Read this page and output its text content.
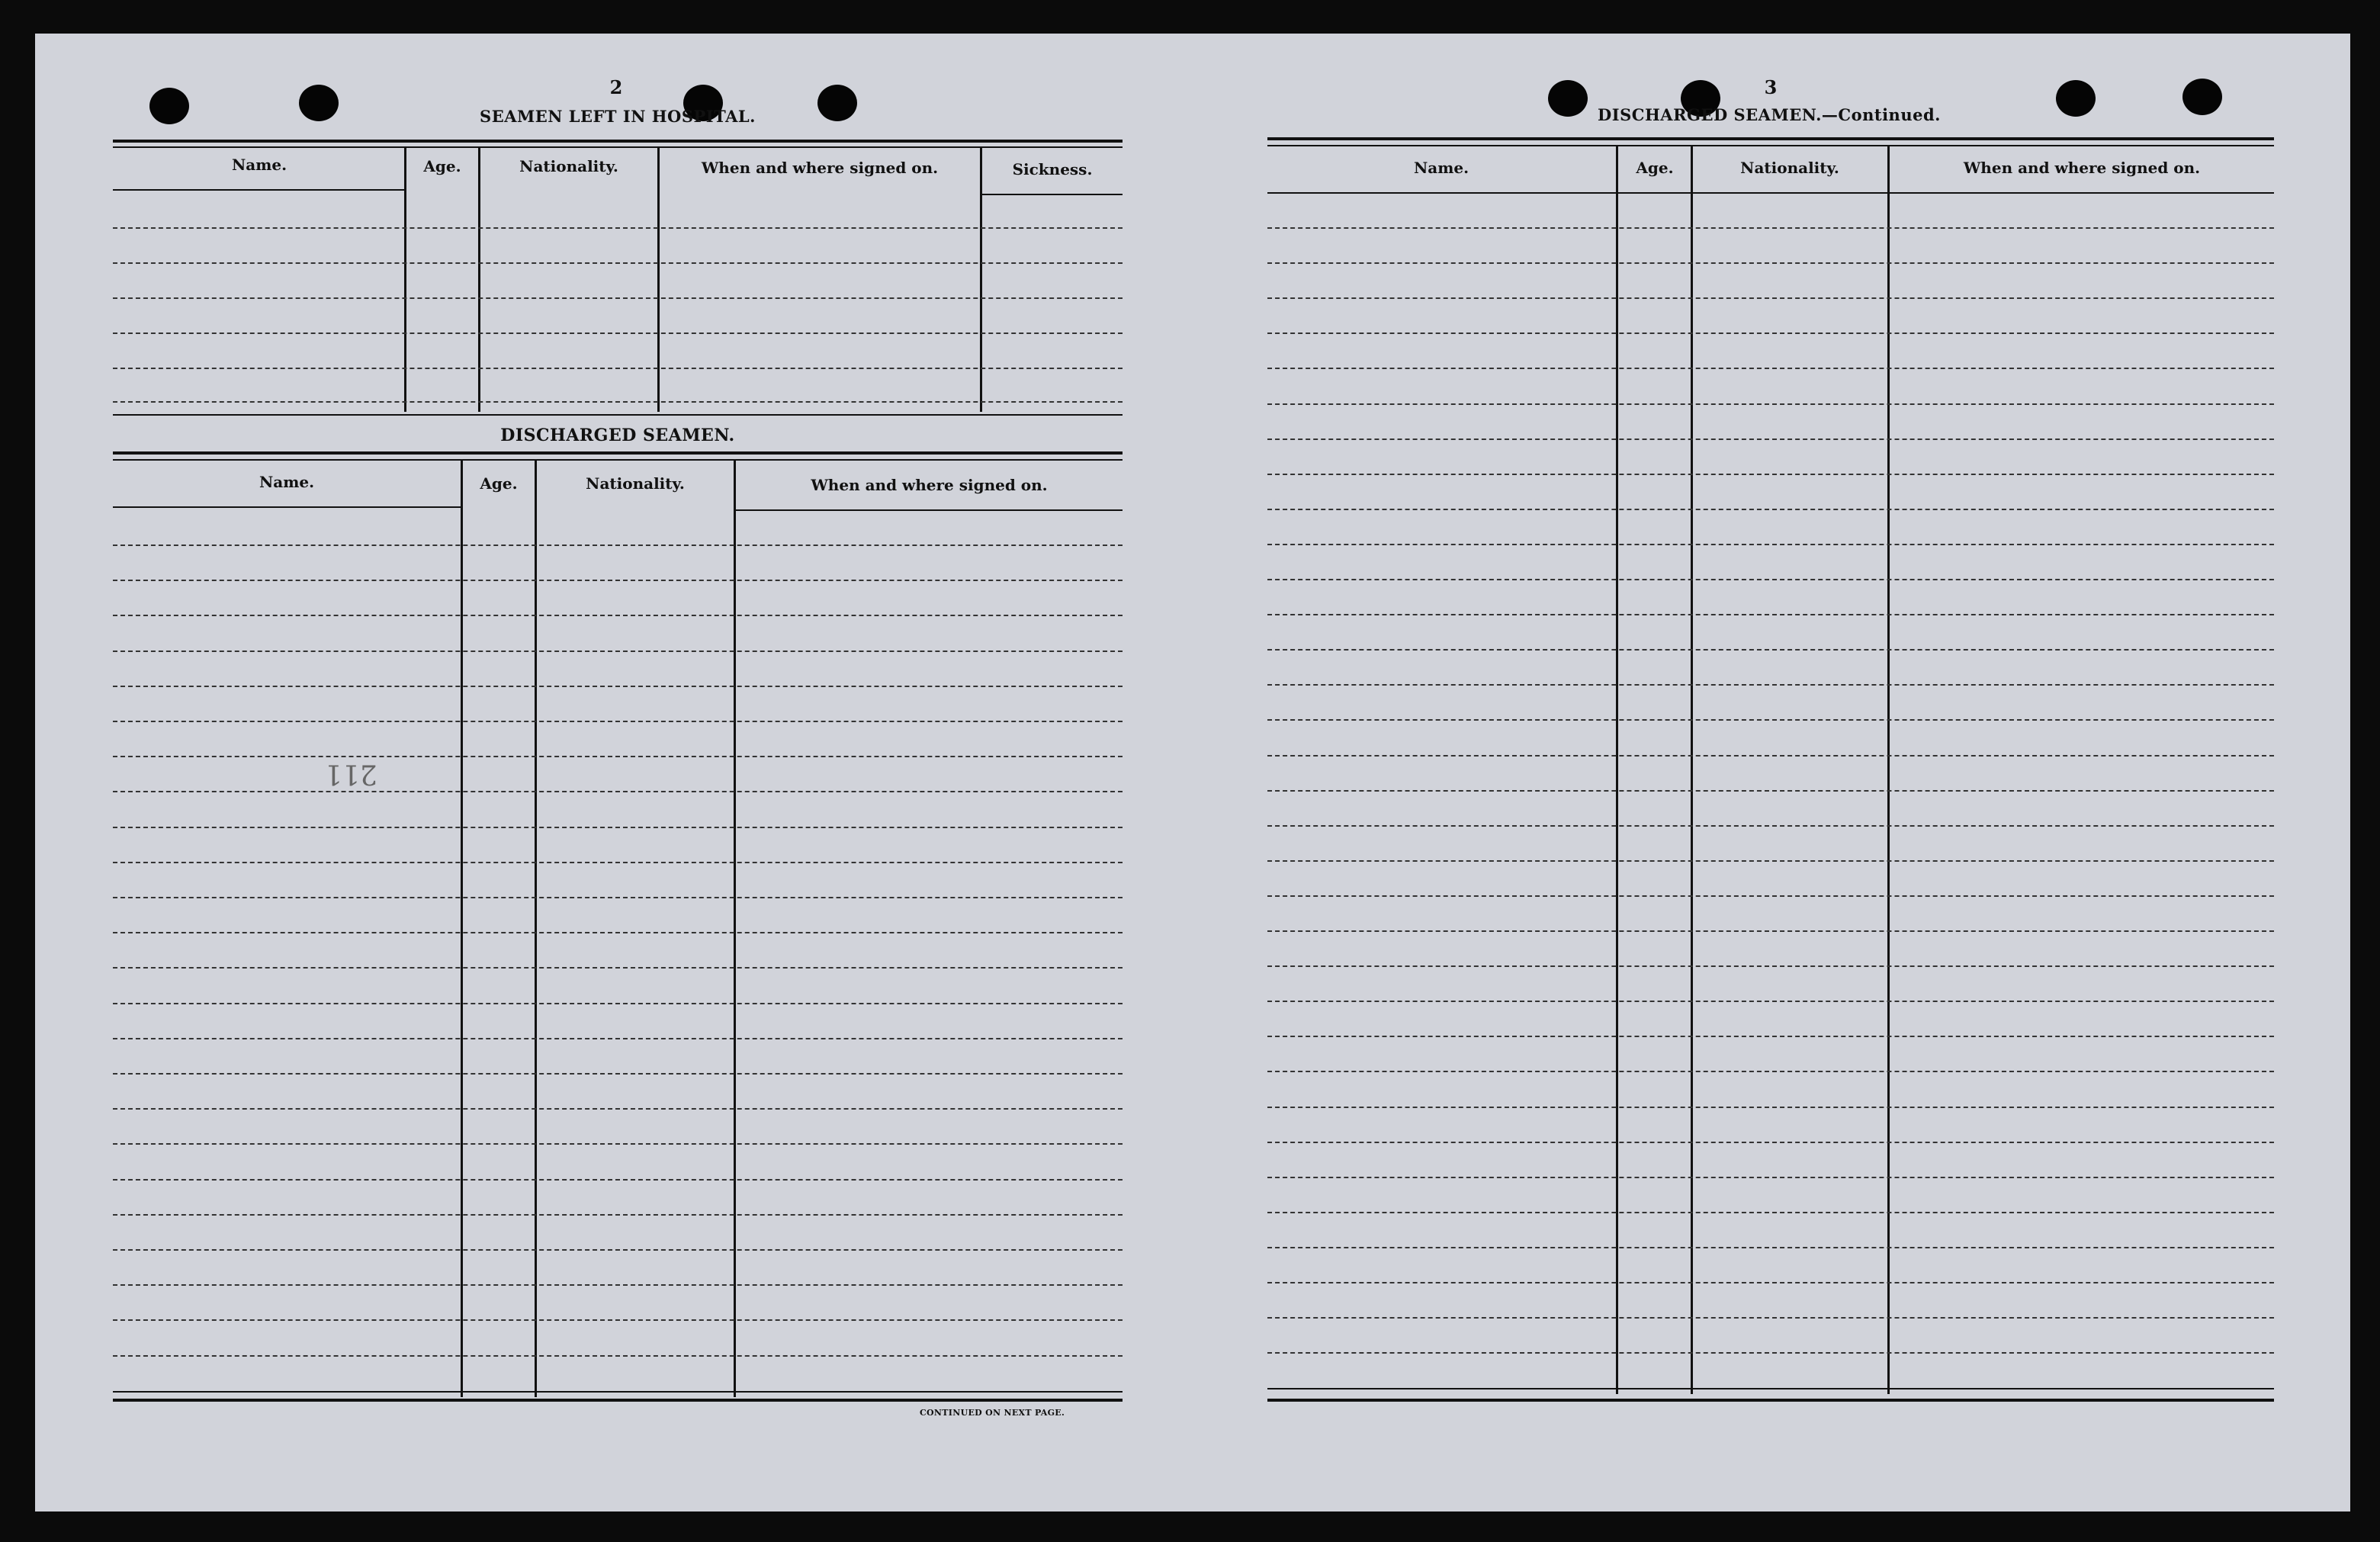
2
SEAMEN LEFT IN HOSPITAL.
Name.	Age.	Nationality.	When and where signed on.	Sickness.
DISCHARGED SEAMEN.
Name.	Age.	Nationality.	When and where signed on.
211
CONTINUED ON NEXT PAGE.
3
DISCHARGED SEAMEN.—Continued.
Name.	Age.	Nationality.	When and where signed on.
